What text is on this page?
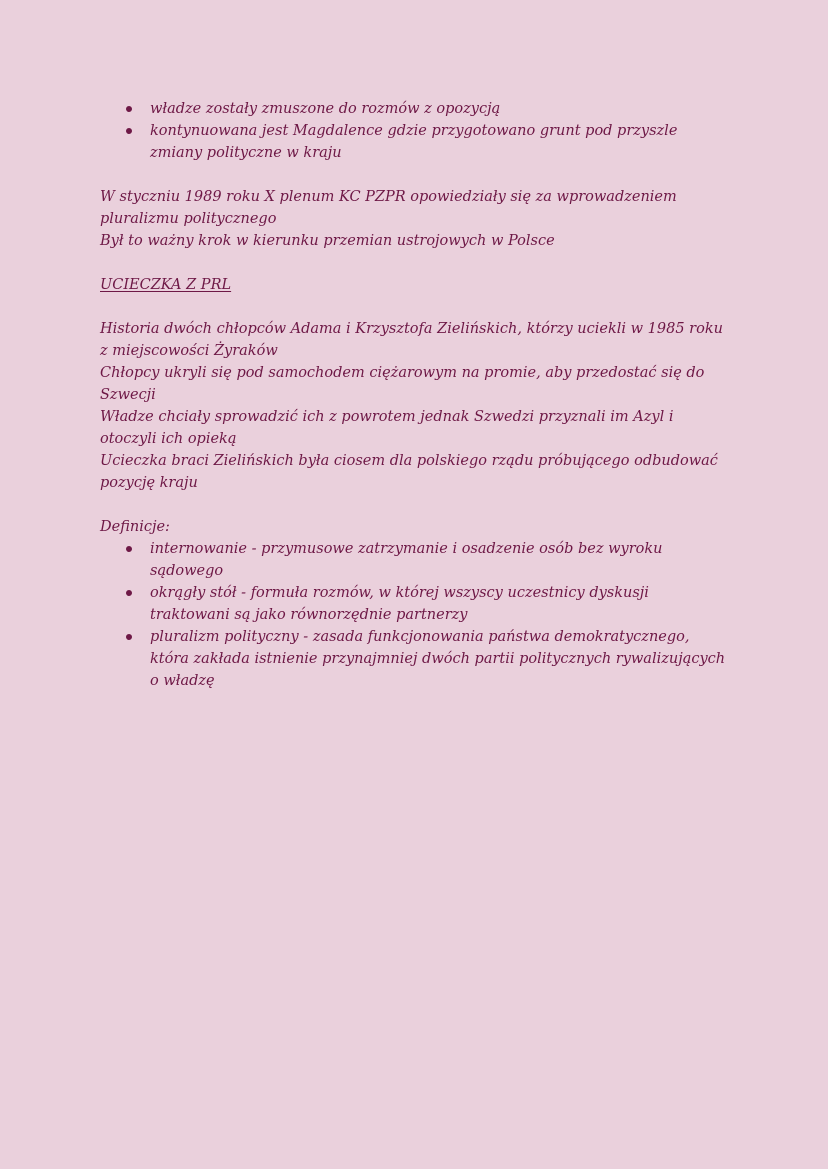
władze zostały zmuszone do rozmów z opozycją
kontynuowana jest Magdalence gdzie przygotowano grunt pod przyszle zmiany polityczne w kraju

W styczniu 1989 roku X plenum KC PZPR opowiedziały się za wprowadzeniem pluralizmu politycznego

Był to ważny krok w kierunku przemian ustrojowych w Polsce

UCIECZKA Z PRL

Historia dwóch chłopców Adama i Krzysztofa Zielińskich, którzy uciekli w 1985 roku z miejscowości Żyraków

Chłopcy ukryli się pod samochodem ciężarowym na promie, aby przedostać się do Szwecji

Władze chciały sprowadzić ich z powrotem jednak Szwedzi przyznali im Azyl i otoczyli ich opieką

Ucieczka braci Zielińskich była ciosem dla polskiego rządu próbującego odbudować pozycję kraju

Definicje:

internowanie - przymusowe zatrzymanie i osadzenie osób bez wyroku sądowego
okrągły stół - formuła rozmów, w której wszyscy uczestnicy dyskusji traktowani są jako równorzędnie partnerzy
pluralizm polityczny - zasada funkcjonowania państwa demokratycznego, która zakłada istnienie przynajmniej dwóch partii politycznych rywalizujących o władzę
